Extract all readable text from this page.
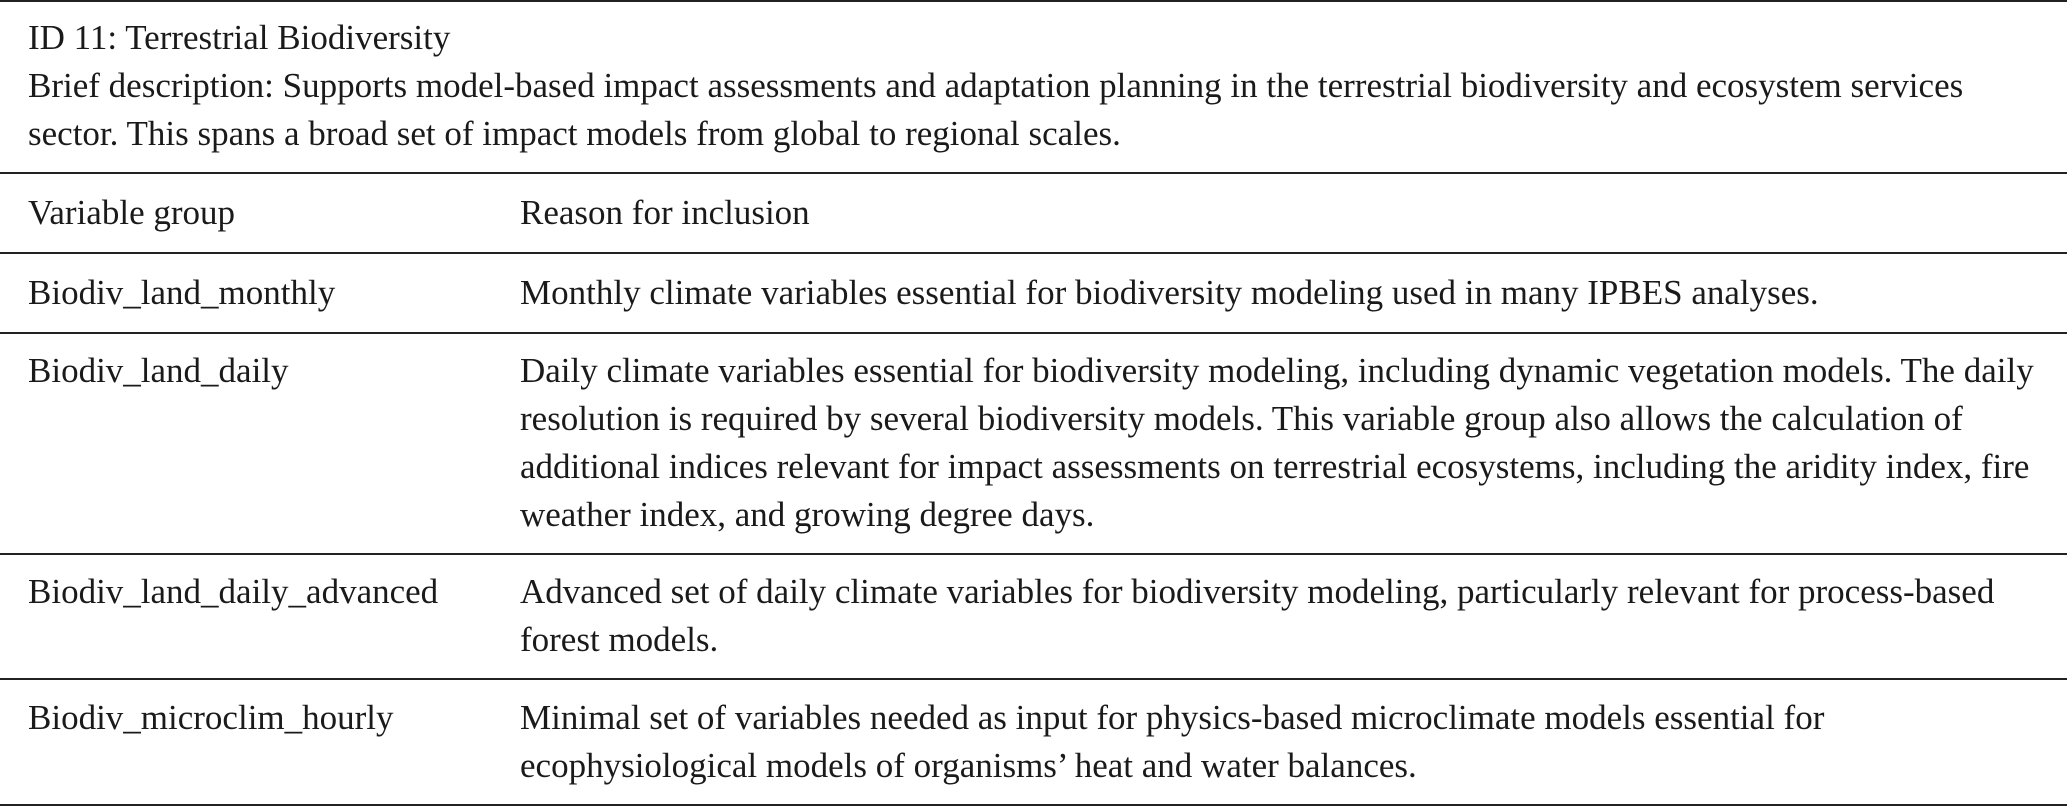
ID 11: Terrestrial Biodiversity
Brief description: Supports model-based impact assessments and adaptation planning in the terrestrial biodiversity and ecosystem services sector. This spans a broad set of impact models from global to regional scales.
Variable group	Reason for inclusion
Biodiv_land_monthly	Monthly climate variables essential for biodiversity modeling used in many IPBES analyses.
Biodiv_land_daily	Daily climate variables essential for biodiversity modeling, including dynamic vegetation models. The daily resolution is required by several biodiversity models. This variable group also allows the calculation of additional indices relevant for impact assessments on terrestrial ecosystems, including the aridity index, fire weather index, and growing degree days.
Biodiv_land_daily_advanced	Advanced set of daily climate variables for biodiversity modeling, particularly relevant for process-based forest models.
Biodiv_microclim_hourly	Minimal set of variables needed as input for physics-based microclimate models essential for ecophysiological models of organisms’ heat and water balances.
